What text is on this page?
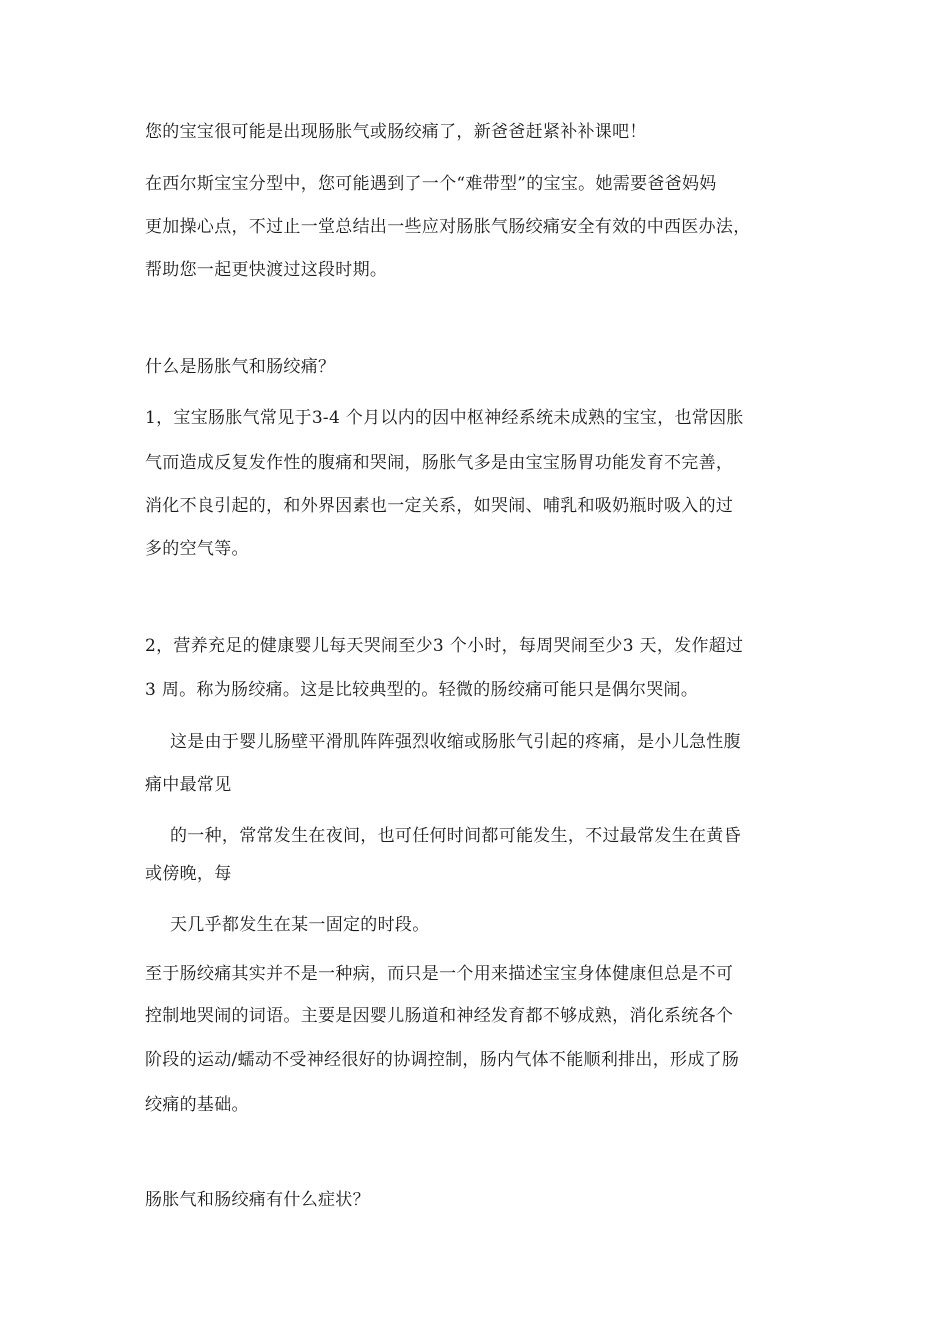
您的宝宝很可能是出现肠胀气或肠绞痛了，新爸爸赶紧补补课吧！
在西尔斯宝宝分型中，您可能遇到了一个“难带型”的宝宝。她需要爸爸妈妈
更加操心点，不过止一堂总结出一些应对肠胀气肠绞痛安全有效的中西医办法，
帮助您一起更快渡过这段时期。
什么是肠胀气和肠绞痛？
1，宝宝肠胀气常见于3-4 个月以内的因中枢神经系统未成熟的宝宝，也常因胀
气而造成反复发作性的腹痛和哭闹，肠胀气多是由宝宝肠胃功能发育不完善，
消化不良引起的，和外界因素也一定关系，如哭闹、哺乳和吸奶瓶时吸入的过
多的空气等。
2，营养充足的健康婴儿每天哭闹至少3 个小时，每周哭闹至少3 天，发作超过
3 周。称为肠绞痛。这是比较典型的。轻微的肠绞痛可能只是偶尔哭闹。
这是由于婴儿肠壁平滑肌阵阵强烈收缩或肠胀气引起的疼痛，是小儿急性腹
痛中最常见
的一种，常常发生在夜间，也可任何时间都可能发生，不过最常发生在黄昏
或傍晚，每
天几乎都发生在某一固定的时段。
至于肠绞痛其实并不是一种病，而只是一个用来描述宝宝身体健康但总是不可
控制地哭闹的词语。主要是因婴儿肠道和神经发育都不够成熟，消化系统各个
阶段的运动/蠕动不受神经很好的协调控制，肠内气体不能顺利排出，形成了肠
绞痛的基础。
肠胀气和肠绞痛有什么症状？
